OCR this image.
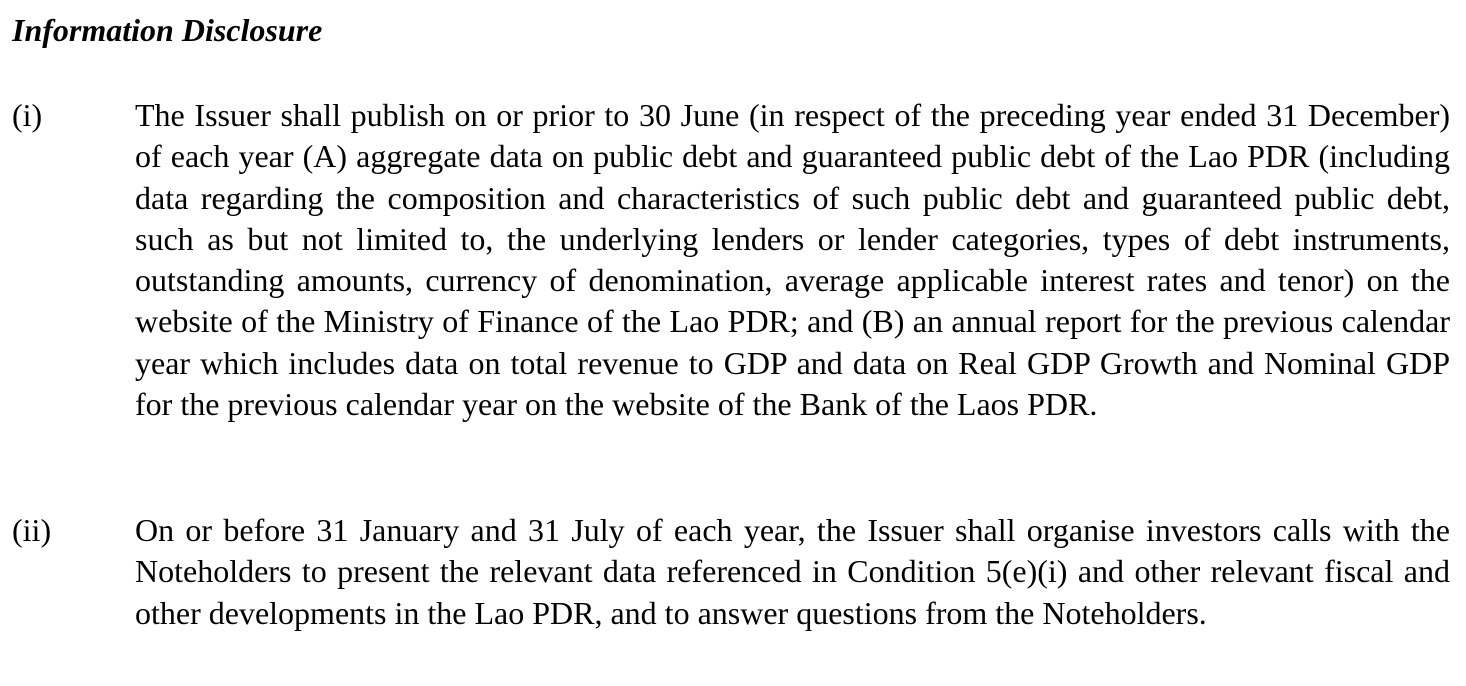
Information Disclosure
(i)	The Issuer shall publish on or prior to 30 June (in respect of the preceding year ended 31 December) of each year (A) aggregate data on public debt and guaranteed public debt of the Lao PDR (including data regarding the composition and characteristics of such public debt and guaranteed public debt, such as but not limited to, the underlying lenders or lender categories, types of debt instruments, outstanding amounts, currency of denomination, average applicable interest rates and tenor) on the website of the Ministry of Finance of the Lao PDR; and (B) an annual report for the previous calendar year which includes data on total revenue to GDP and data on Real GDP Growth and Nominal GDP for the previous calendar year on the website of the Bank of the Laos PDR.

(ii)	On or before 31 January and 31 July of each year, the Issuer shall organise investors calls with the Noteholders to present the relevant data referenced in Condition 5(e)(i) and other relevant fiscal and other developments in the Lao PDR, and to answer questions from the Noteholders.
